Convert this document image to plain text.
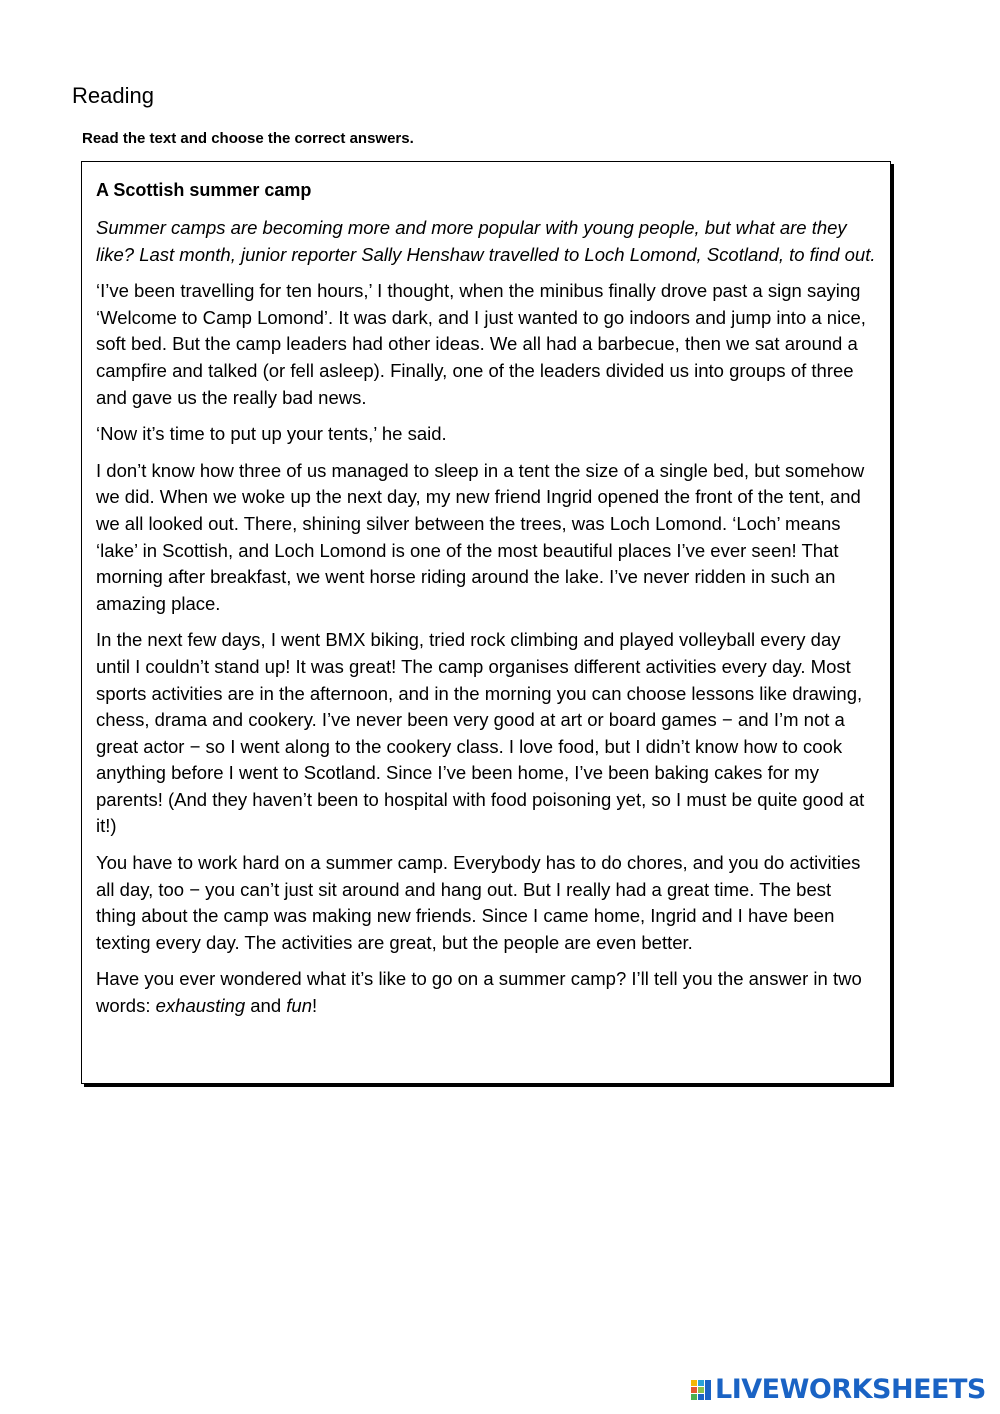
Reading

Read the text and choose the correct answers.

A Scottish summer camp

Summer camps are becoming more and more popular with young people, but what are they like? Last month, junior reporter Sally Henshaw travelled to Loch Lomond, Scotland, to find out.

‘I’ve been travelling for ten hours,’ I thought, when the minibus finally drove past a sign saying ‘Welcome to Camp Lomond’. It was dark, and I just wanted to go indoors and jump into a nice, soft bed. But the camp leaders had other ideas. We all had a barbecue, then we sat around a campfire and talked (or fell asleep). Finally, one of the leaders divided us into groups of three and gave us the really bad news.

‘Now it’s time to put up your tents,’ he said.

I don’t know how three of us managed to sleep in a tent the size of a single bed, but somehow we did. When we woke up the next day, my new friend Ingrid opened the front of the tent, and we all looked out. There, shining silver between the trees, was Loch Lomond. ‘Loch’ means ‘lake’ in Scottish, and Loch Lomond is one of the most beautiful places I’ve ever seen! That morning after breakfast, we went horse riding around the lake. I’ve never ridden in such an amazing place.

In the next few days, I went BMX biking, tried rock climbing and played volleyball every day until I couldn’t stand up! It was great! The camp organises different activities every day. Most sports activities are in the afternoon, and in the morning you can choose lessons like drawing, chess, drama and cookery. I’ve never been very good at art or board games − and I’m not a great actor − so I went along to the cookery class. I love food, but I didn’t know how to cook anything before I went to Scotland. Since I’ve been home, I’ve been baking cakes for my parents! (And they haven’t been to hospital with food poisoning yet, so I must be quite good at it!)

You have to work hard on a summer camp. Everybody has to do chores, and you do activities all day, too − you can’t just sit around and hang out. But I really had a great time. The best thing about the camp was making new friends. Since I came home, Ingrid and I have been texting every day. The activities are great, but the people are even better.

Have you ever wondered what it’s like to go on a summer camp? I’ll tell you the answer in two words: exhausting and fun!

LIVEWORKSHEETS
